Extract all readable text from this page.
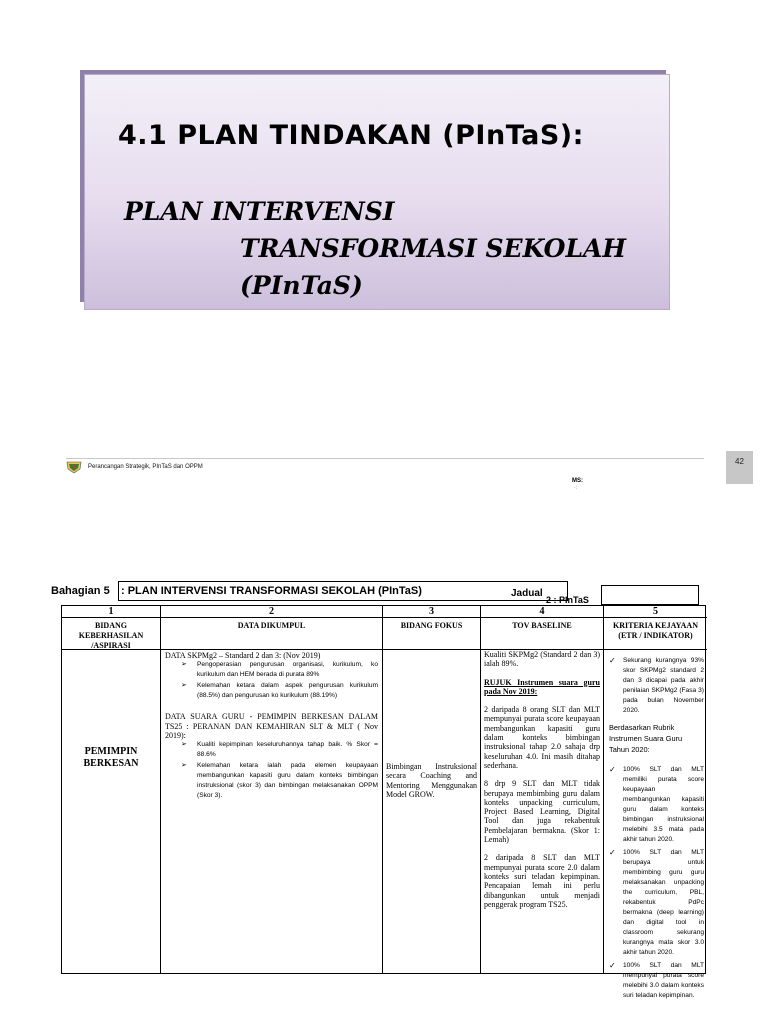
4.1 PLAN TINDAKAN (PInTaS):
PLAN INTERVENSI
TRANSFORMASI SEKOLAH
(PInTaS)
42
Perancangan Strategik, PInTaS dan OPPM
MS:
·:
Bahagian 5 : PLAN INTERVENSI TRANSFORMASI SEKOLAH (PInTaS)	Jadual
2 : PInTaS
1
BIDANG KEBERHASILAN /ASPIRASI
PEMIMPIN BERKESAN
2
DATA DIKUMPUL
DATA SKPMg2 – Standard 2 dan 3: (Nov 2019)
➢ Pengoperasian pengurusan organisasi, kurikulum, ko kurikulum dan HEM berada di purata 89%
➢ Kelemahan ketara dalam aspek pengurusan kurikulum (88.5%) dan pengurusan ko kurikulum (88.19%)
DATA SUARA GURU - PEMIMPIN BERKESAN DALAM TS25 : PERANAN DAN KEMAHIRAN SLT & MLT ( Nov 2019):
➢ Kualiti kepimpinan keseluruhannya tahap baik. % Skor = 88.6%
➢ Kelemahan ketara ialah pada elemen keupayaan membangunkan kapasiti guru dalam konteks bimbingan instruksional (skor 3) dan bimbingan melaksanakan OPPM (Skor 3).
3
BIDANG FOKUS
Bimbingan Instruksional secara Coaching and Mentoring Menggunakan Model GROW.
4
TOV BASELINE
Kualiti SKPMg2 (Standard 2 dan 3) ialah 89%.
RUJUK Instrumen suara guru pada Nov 2019:
2 daripada 8 orang SLT dan MLT mempunyai purata score keupayaan membangunkan kapasiti guru dalam konteks bimbingan instruksional tahap 2.0 sahaja drp keseluruhan 4.0. Ini masih ditahap sederhana.
8 drp 9 SLT dan MLT tidak berupaya membimbing guru dalam konteks unpacking curriculum, Project Based Learning, Digital Tool dan juga rekabentuk Pembelajaran bermakna. (Skor 1: Lemah)
2 daripada 8 SLT dan MLT mempunyai purata score 2.0 dalam konteks suri teladan kepimpinan. Pencapaian lemah ini perlu dibangunkan untuk menjadi penggerak program TS25.
5
KRITERIA KEJAYAAN (ETR / INDIKATOR)
✓ Sekurang kurangnya 93% skor SKPMg2 standard 2 dan 3 dicapai pada akhir penilaian SKPMg2 (Fasa 3) pada bulan November 2020.
Berdasarkan Rubrik Instrumen Suara Guru Tahun 2020:
✓ 100% SLT dan MLT memiliki purata score keupayaan membangunkan kapasiti guru dalam konteks bimbingan instruksional melebihi 3.5 mata pada akhir tahun 2020.
✓ 100% SLT dan MLT berupaya untuk membimbing guru guru melaksanakan unpacking the curriculum, PBL, rekabentuk PdPc bermakna (deep learning) dan digital tool in classroom sekurang kurangnya mata skor 3.0 akhir tahun 2020.
✓ 100% SLT dan MLT mempunyai purata score melebihi 3.0 dalam konteks suri teladan kepimpinan.
